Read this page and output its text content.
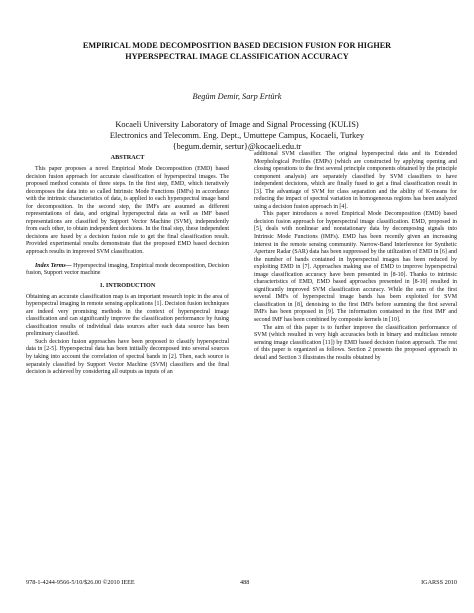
EMPIRICAL MODE DECOMPOSITION BASED DECISION FUSION FOR HIGHER
HYPERSPECTRAL IMAGE CLASSIFICATION ACCURACY
Begüm Demir, Sarp Ertürk
Kocaeli University Laboratory of Image and Signal Processing (KULIS)
Electronics and Telecomm. Eng. Dept., Umuttepe Campus, Kocaeli, Turkey
{begum.demir, sertur}@kocaeli.edu.tr
ABSTRACT

This paper proposes a novel Empirical Mode Decomposition (EMD) based decision fusion approach for accurate classification of hyperspectral images. The proposed method consists of three steps. In the first step, EMD, which iteratively decomposes the data into so called Intrinsic Mode Functions (IMFs) in accordance with the intrinsic characteristics of data, is applied to each hyperspectral image band for decomposition. In the second step, the IMFs are assumed as different representations of data, and original hyperspectral data as well as IMF based representations are classified by Support Vector Machine (SVM), independently from each other, to obtain independent decisions. In the final step, these independent decisions are fused by a decision fusion rule to get the final classification result. Provided experimental results demonstrate that the proposed EMD based decision approach results in improved SVM classification.

Index Terms— Hyperspectral imaging, Empirical mode decomposition, Decision fusion, Support vector machine

1. INTRODUCTION

Obtaining an accurate classification map is an important research topic in the area of hyperspectral imaging in remote sensing applications [1]. Decision fusion techniques are indeed very promising methods in the context of hyperspectral image classification and can significantly improve the classification performance by fusing classification results of individual data sources after each data source has been preliminary classified.

Such decision fusion approaches have been proposed to classify hyperspectral data in [2-5]. Hyperspectral data has been initially decomposed into several sources by taking into account the correlation of spectral bands in [2]. Then, each source is separately classified by Support Vector Machine (SVM) classifiers and the final decision is achieved by considering all outputs as inputs of an

additional SVM classifier. The original hyperspectral data and its Extended Morphological Profiles (EMPs) (which are constructed by applying opening and closing operations to the first several principle components obtained by the principle component analysis) are separately classified by SVM classifiers to have independent decisions, which are finally fused to get a final classification result in [3]. The advantage of SVM for class separation and the ability of K-means for reducing the impact of spectral variation in homogeneous regions has been analyzed using a decision fusion approach in [4].

This paper introduces a novel Empirical Mode Decomposition (EMD) based decision fusion approach for hyperspectral image classification. EMD, proposed in [5], deals with nonlinear and nonstationary data by decomposing signals into Intrinsic Mode Functions (IMFs). EMD has been recently given an increasing interest in the remote sensing community. Narrow-Band Interference for Synthetic Aperture Radar (SAR) data has been suppressed by the utilization of EMD in [6] and the number of bands contained in hyperspectral images has been reduced by exploiting EMD in [7]. Approaches making use of EMD to improve hyperspectral image classification accuracy have been presented in [8-10]. Thanks to intrinsic characteristics of EMD, EMD based approaches presented in [8-10] resulted in significantly improved SVM classification accuracy. While the sum of the first several IMFs of hyperspectral image bands has been exploited for SVM classification in [8], denoising to the first IMFs before summing the first several IMFs has been proposed in [9]. The information contained in the first IMF and second IMF has been combined by composite kernels in [10].

The aim of this paper is to further improve the classification performance of SVM (which resulted in very high accuracies both in binary and multiclass remote sensing image classification [11]) by EMD based decision fusion approach. The rest of this paper is organized as follows. Section 2 presents the proposed approach in detail and Section 3 illustrates the results obtained by

978-1-4244-9566-5/10/$26.00 ©2010 IEEE	488	IGARSS 2010
